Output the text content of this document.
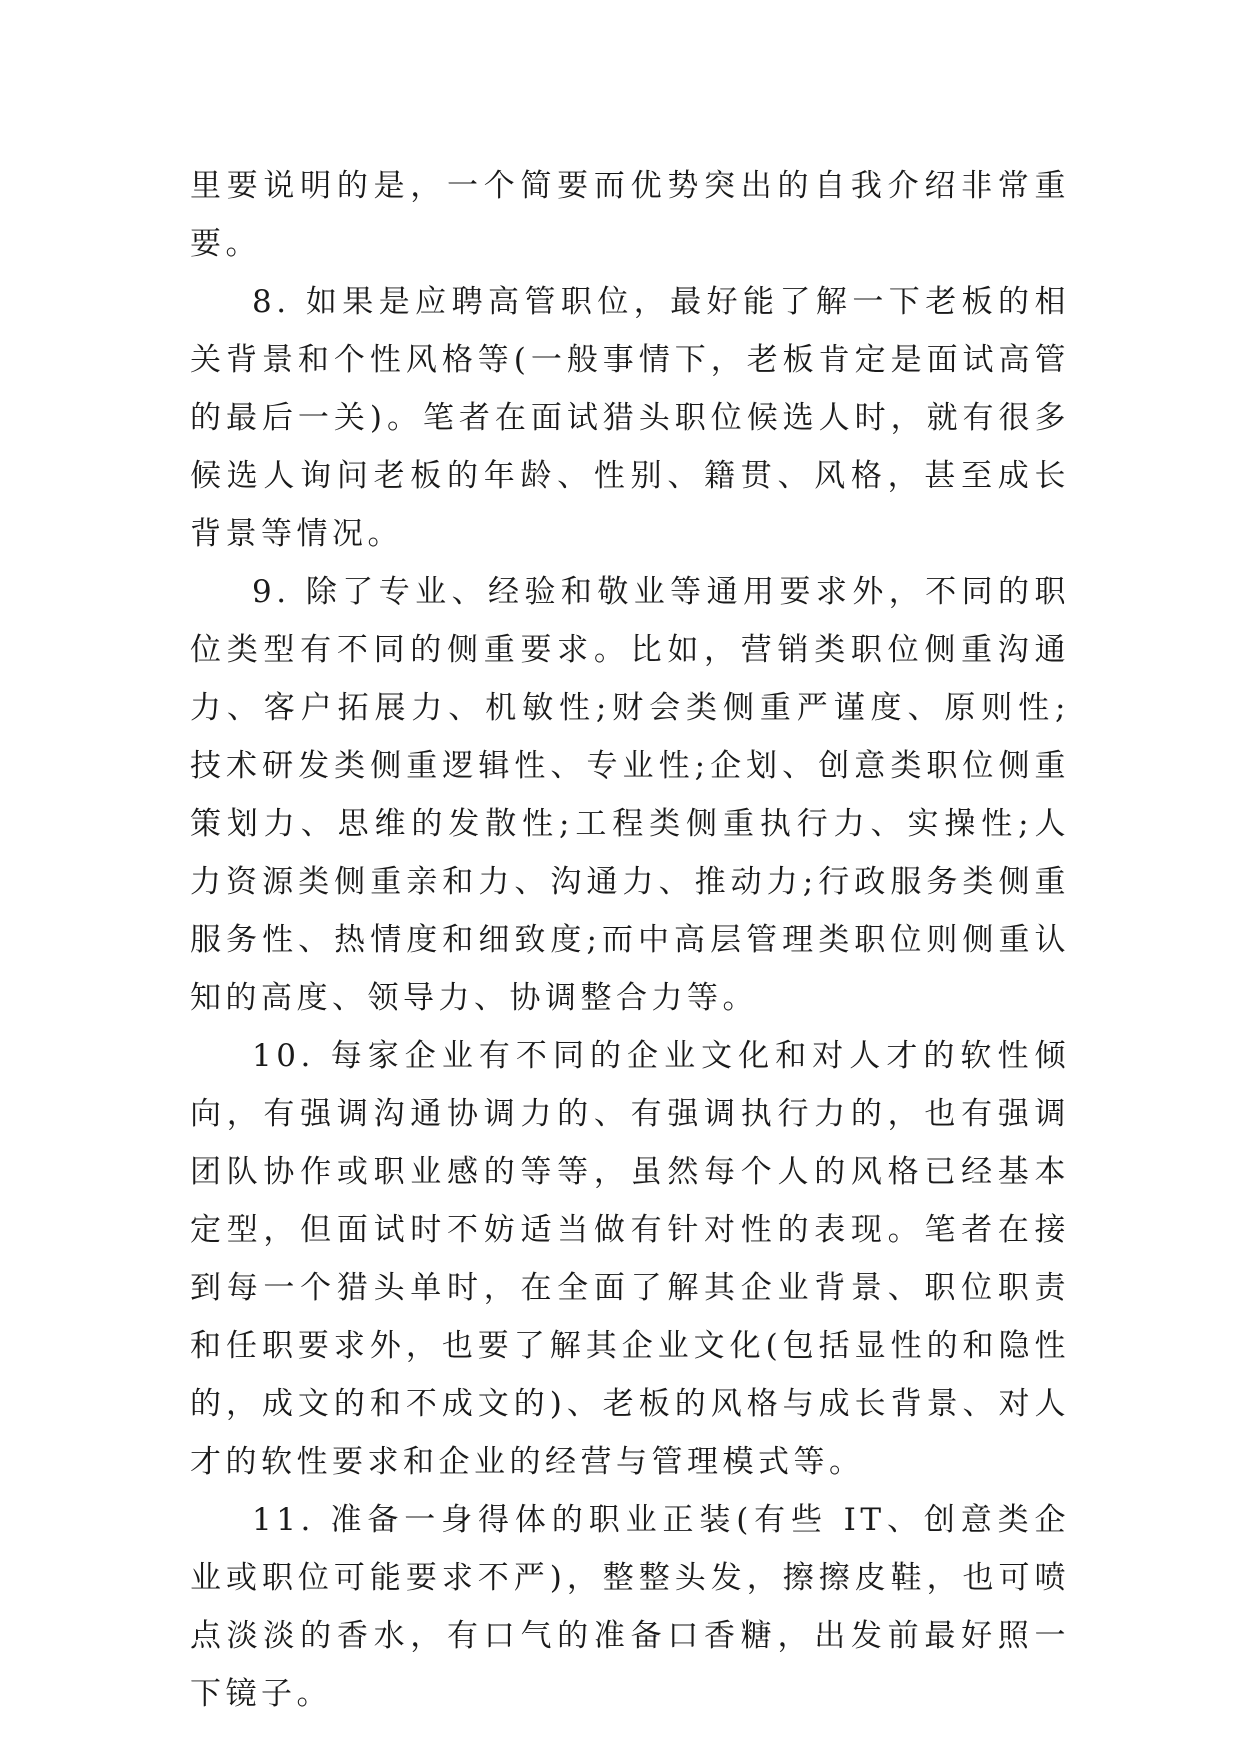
里要说明的是，一个简要而优势突出的自我介绍非常重要。

8. 如果是应聘高管职位，最好能了解一下老板的相关背景和个性风格等(一般事情下，老板肯定是面试高管的最后一关)。笔者在面试猎头职位候选人时，就有很多候选人询问老板的年龄、性别、籍贯、风格，甚至成长背景等情况。

9. 除了专业、经验和敬业等通用要求外，不同的职位类型有不同的侧重要求。比如，营销类职位侧重沟通力、客户拓展力、机敏性;财会类侧重严谨度、原则性;技术研发类侧重逻辑性、专业性;企划、创意类职位侧重策划力、思维的发散性;工程类侧重执行力、实操性;人力资源类侧重亲和力、沟通力、推动力;行政服务类侧重服务性、热情度和细致度;而中高层管理类职位则侧重认知的高度、领导力、协调整合力等。

10. 每家企业有不同的企业文化和对人才的软性倾向，有强调沟通协调力的、有强调执行力的，也有强调团队协作或职业感的等等，虽然每个人的风格已经基本定型，但面试时不妨适当做有针对性的表现。笔者在接到每一个猎头单时，在全面了解其企业背景、职位职责和任职要求外，也要了解其企业文化(包括显性的和隐性的，成文的和不成文的)、老板的风格与成长背景、对人才的软性要求和企业的经营与管理模式等。

11. 准备一身得体的职业正装(有些 IT、创意类企业或职位可能要求不严)，整整头发，擦擦皮鞋，也可喷点淡淡的香水，有口气的准备口香糖，出发前最好照一下镜子。
